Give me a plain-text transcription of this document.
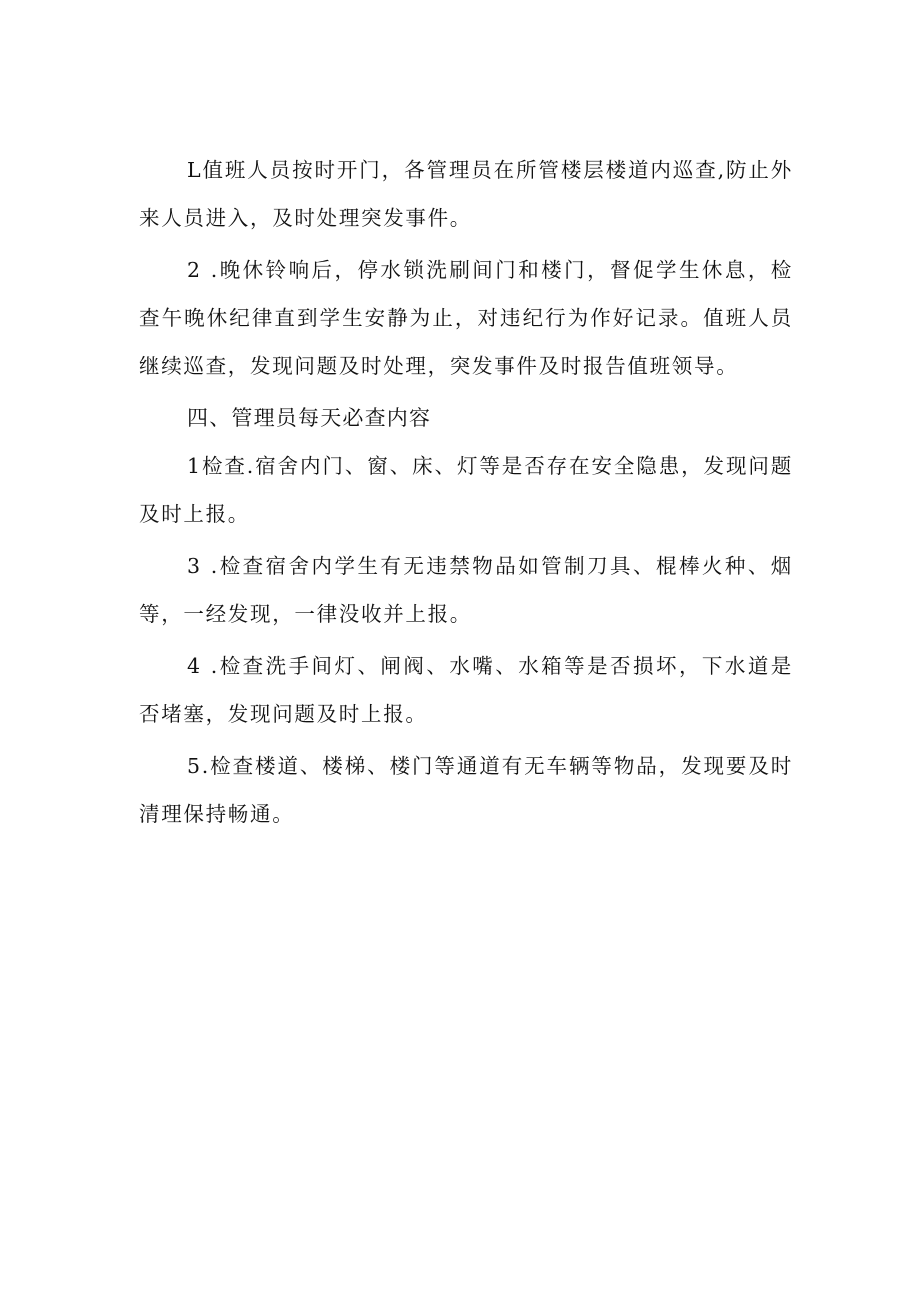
L值班人员按时开门，各管理员在所管楼层楼道内巡查,防止外来人员进入，及时处理突发事件。

2 .晚休铃响后，停水锁洗刷间门和楼门，督促学生休息，检查午晚休纪律直到学生安静为止，对违纪行为作好记录。值班人员继续巡查，发现问题及时处理，突发事件及时报告值班领导。

四、管理员每天必查内容

1检查.宿舍内门、窗、床、灯等是否存在安全隐患，发现问题及时上报。

3 .检查宿舍内学生有无违禁物品如管制刀具、棍棒火种、烟等，一经发现，一律没收并上报。

4 .检查洗手间灯、闸阀、水嘴、水箱等是否损坏，下水道是否堵塞，发现问题及时上报。

5.检查楼道、楼梯、楼门等通道有无车辆等物品，发现要及时清理保持畅通。
